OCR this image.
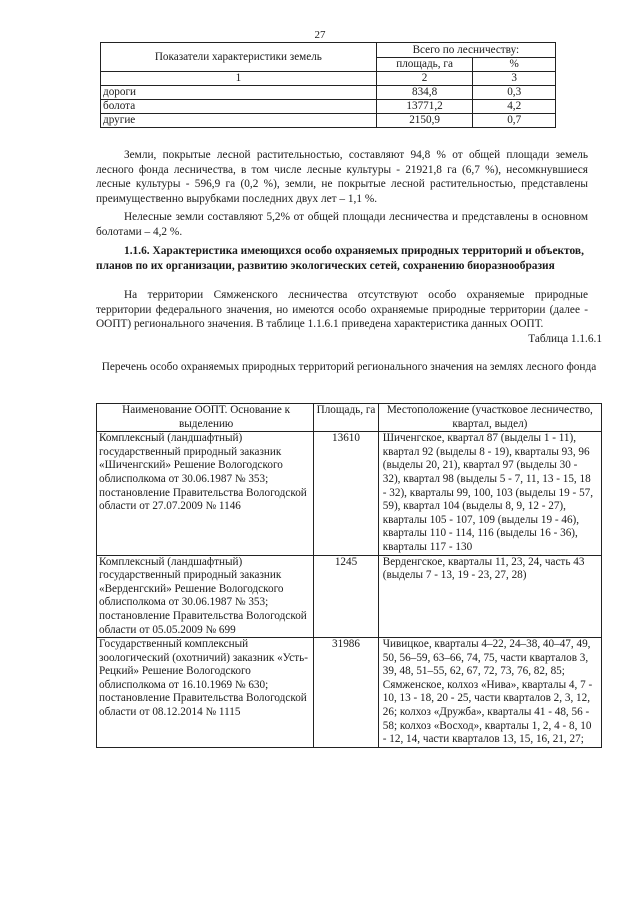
27
Показатели характеристики земель	Всего по лесничеству:	
	площадь, га	%
1	2	3
дороги	834,8	0,3
болота	13771,2	4,2
другие	2150,9	0,7

Земли, покрытые лесной растительностью, составляют 94,8 % от общей площади земель лесного фонда лесничества, в том числе лесные культуры - 21921,8 га (6,7 %), несомкнувшиеся лесные культуры - 596,9 га (0,2 %), земли, не покрытые лесной растительностью, представлены преимущественно вырубками последних двух лет – 1,1 %.

Нелесные земли составляют 5,2% от общей площади лесничества и представлены в основном болотами – 4,2 %.

1.1.6. Характеристика имеющихся особо охраняемых природных территорий и объектов, планов по их организации, развитию экологических сетей, сохранению биоразнообразия

На территории Сямженского лесничества отсутствуют особо охраняемые природные территории федерального значения, но имеются особо охраняемые природные территории (далее - ООПТ) регионального значения. В таблице 1.1.6.1 приведена характеристика данных ООПТ.

Таблица 1.1.6.1
Перечень особо охраняемых природных территорий регионального значения на землях лесного фонда
Наименование ООПТ. Основание к выделению	Площадь, га	Местоположение (участковое лесничество, квартал, выдел)
Комплексный (ландшафтный) государственный природный заказник «Шиченгский» Решение Вологодского облисполкома от 30.06.1987 № 353; постановление Правительства Вологодской области от 27.07.2009 № 1146	13610	Шиченгское, квартал 87 (выделы 1 - 11), квартал 92 (выделы 8 - 19), кварталы 93, 96 (выделы 20, 21), квартал 97 (выделы 30 - 32), квартал 98 (выделы 5 - 7, 11, 13 - 15, 18 - 32), кварталы 99, 100, 103 (выделы 19 - 57, 59), квартал 104 (выделы 8, 9, 12 - 27), кварталы 105 - 107, 109 (выделы 19 - 46), кварталы 110 - 114, 116 (выделы 16 - 36), кварталы 117 - 130
Комплексный (ландшафтный) государственный природный заказник «Верденгский» Решение Вологодского облисполкома от 30.06.1987 № 353; постановление Правительства Вологодской области от 05.05.2009 № 699	1245	Верденгское, кварталы 11, 23, 24, часть 43 (выделы 7 - 13, 19 - 23, 27, 28)
Государственный комплексный зоологический (охотничий) заказник «Усть-Рецкий» Решение Вологодского облисполкома от 16.10.1969 № 630; постановление Правительства Вологодской области от 08.12.2014 № 1115	31986	Чивицкое, кварталы 4–22, 24–38, 40–47, 49, 50, 56–59, 63–66, 74, 75, части кварталов 3, 39, 48, 51–55, 62, 67, 72, 73, 76, 82, 85; Сямженское, колхоз «Нива», кварталы 4, 7 - 10, 13 - 18, 20 - 25, части кварталов 2, 3, 12, 26; колхоз «Дружба», кварталы 41 - 48, 56 - 58; колхоз «Восход», кварталы 1, 2, 4 - 8, 10 - 12, 14, части кварталов 13, 15, 16, 21, 27;
